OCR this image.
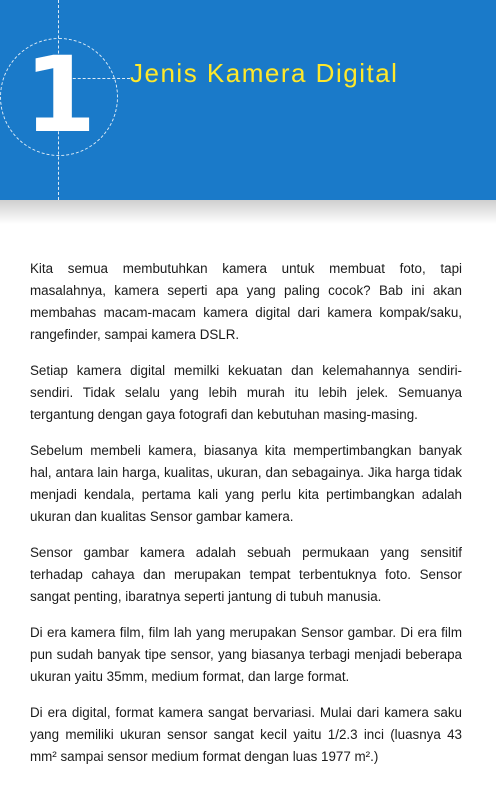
1	Jenis Kamera Digital

Kita semua membutuhkan kamera untuk membuat foto, tapi masalahnya, kamera seperti apa yang paling cocok? Bab ini akan membahas macam-macam kamera digital dari kamera kompak/saku, rangefinder, sampai kamera DSLR.

Setiap kamera digital memilki kekuatan dan kelemahannya sendiri-sendiri. Tidak selalu yang lebih murah itu lebih jelek. Semuanya tergantung dengan gaya fotografi dan kebutuhan masing-masing.

Sebelum membeli kamera, biasanya kita mempertimbangkan banyak hal, antara lain harga, kualitas, ukuran, dan sebagainya. Jika harga tidak menjadi kendala, pertama kali yang perlu kita pertimbangkan adalah ukuran dan kualitas Sensor gambar kamera.

Sensor gambar kamera adalah sebuah permukaan yang sensitif terhadap cahaya dan merupakan tempat terbentuknya foto. Sensor sangat penting, ibaratnya seperti jantung di tubuh manusia.

Di era kamera film, film lah yang merupakan Sensor gambar. Di era film pun sudah banyak tipe sensor, yang biasanya terbagi menjadi beberapa ukuran yaitu 35mm, medium format, dan large format.

Di era digital, format kamera sangat bervariasi. Mulai dari kamera saku yang memiliki ukuran sensor sangat kecil yaitu 1/2.3 inci (luasnya 43 mm² sampai sensor medium format dengan luas 1977 m².)
